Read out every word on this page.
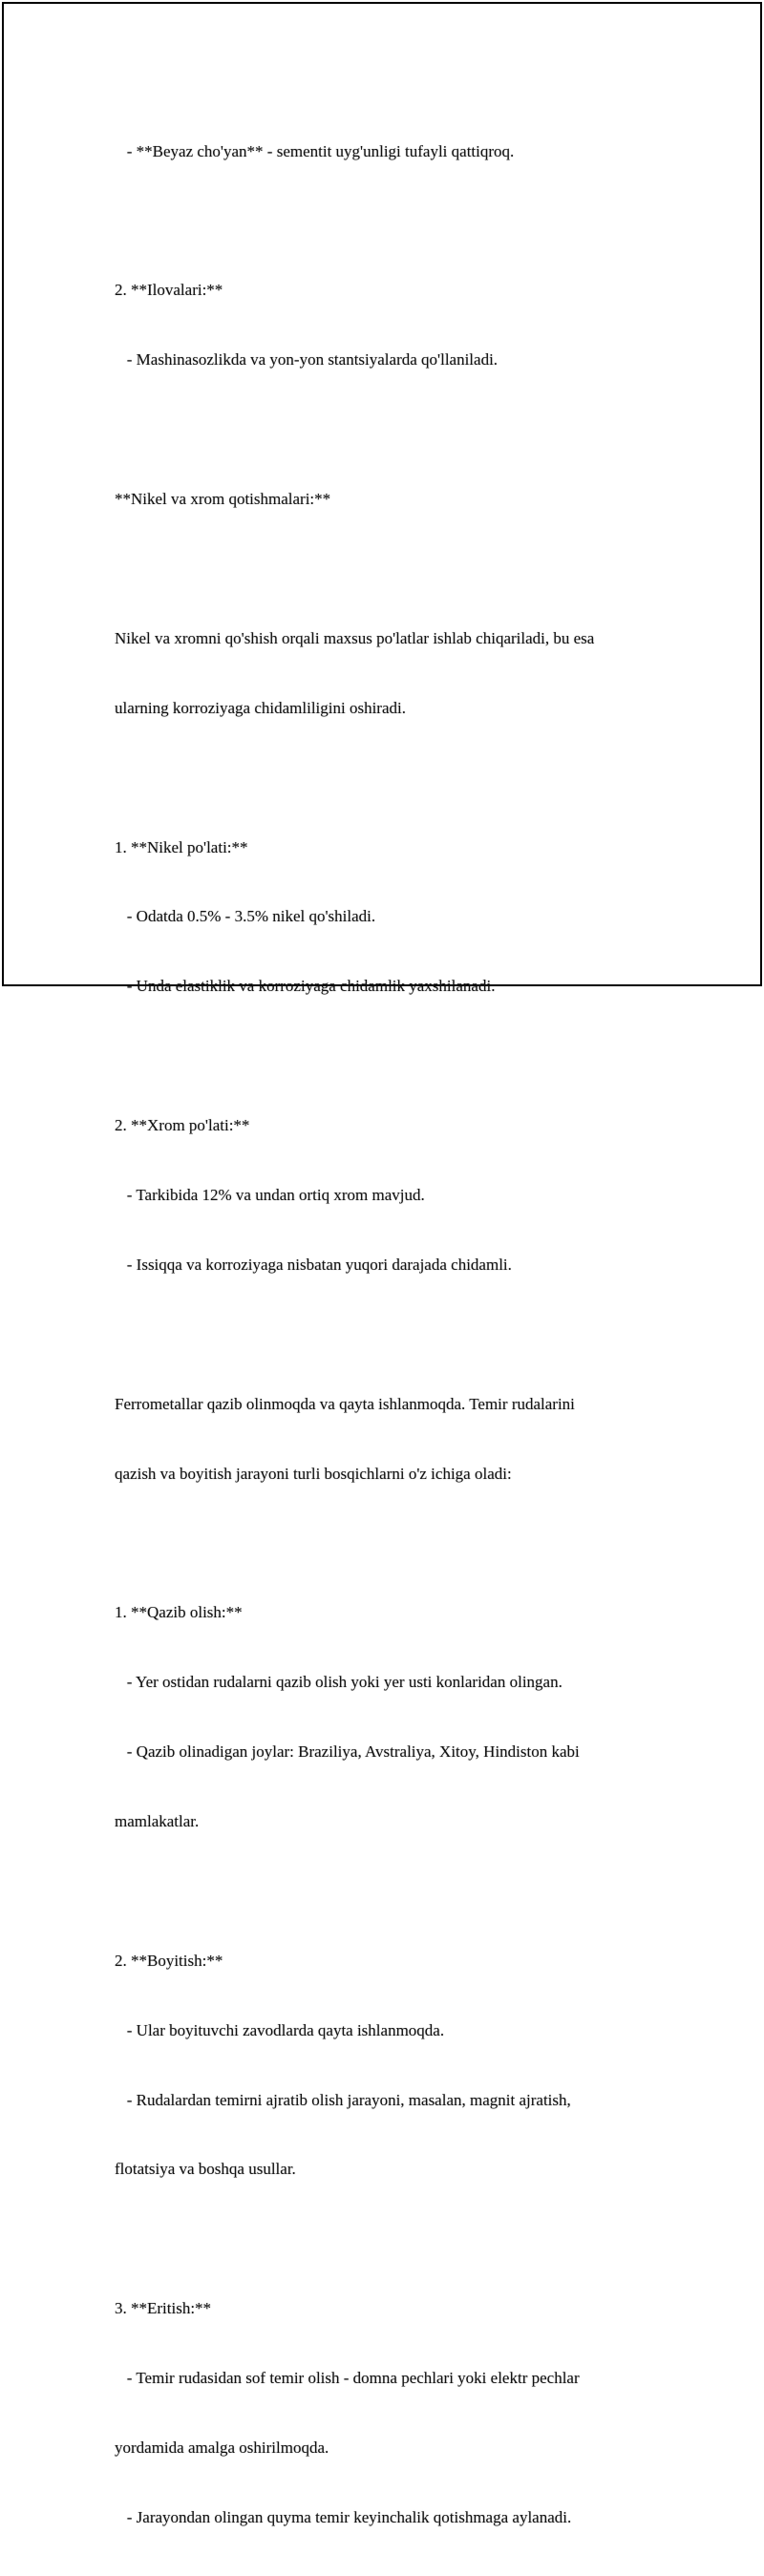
- **Beyaz cho'yan** - sementit uyg'unligi tufayli qattiqroq.

2. **Ilovalari:**

- Mashinasozlikda va yon-yon stantsiyalarda qo'llaniladi.

**Nikel va xrom qotishmalari:**

Nikel va xromni qo'shish orqali maxsus po'latlar ishlab chiqariladi, bu esa

ularning korroziyaga chidamliligini oshiradi.

1. **Nikel po'lati:**

- Odatda 0.5% - 3.5% nikel qo'shiladi.

- Unda elastiklik va korroziyaga chidamlik yaxshilanadi.

2. **Xrom po'lati:**

- Tarkibida 12% va undan ortiq xrom mavjud.

- Issiqqa va korroziyaga nisbatan yuqori darajada chidamli.

Ferrometallar qazib olinmoqda va qayta ishlanmoqda. Temir rudalarini

qazish va boyitish jarayoni turli bosqichlarni o'z ichiga oladi:

1. **Qazib olish:**

- Yer ostidan rudalarni qazib olish yoki yer usti konlaridan olingan.

- Qazib olinadigan joylar: Braziliya, Avstraliya, Xitoy, Hindiston kabi

mamlakatlar.

2. **Boyitish:**

- Ular boyituvchi zavodlarda qayta ishlanmoqda.

- Rudalardan temirni ajratib olish jarayoni, masalan, magnit ajratish,

flotatsiya va boshqa usullar.

3. **Eritish:**

- Temir rudasidan sof temir olish - domna pechlari yoki elektr pechlar

yordamida amalga oshirilmoqda.

- Jarayondan olingan quyma temir keyinchalik qotishmaga aylanadi.
